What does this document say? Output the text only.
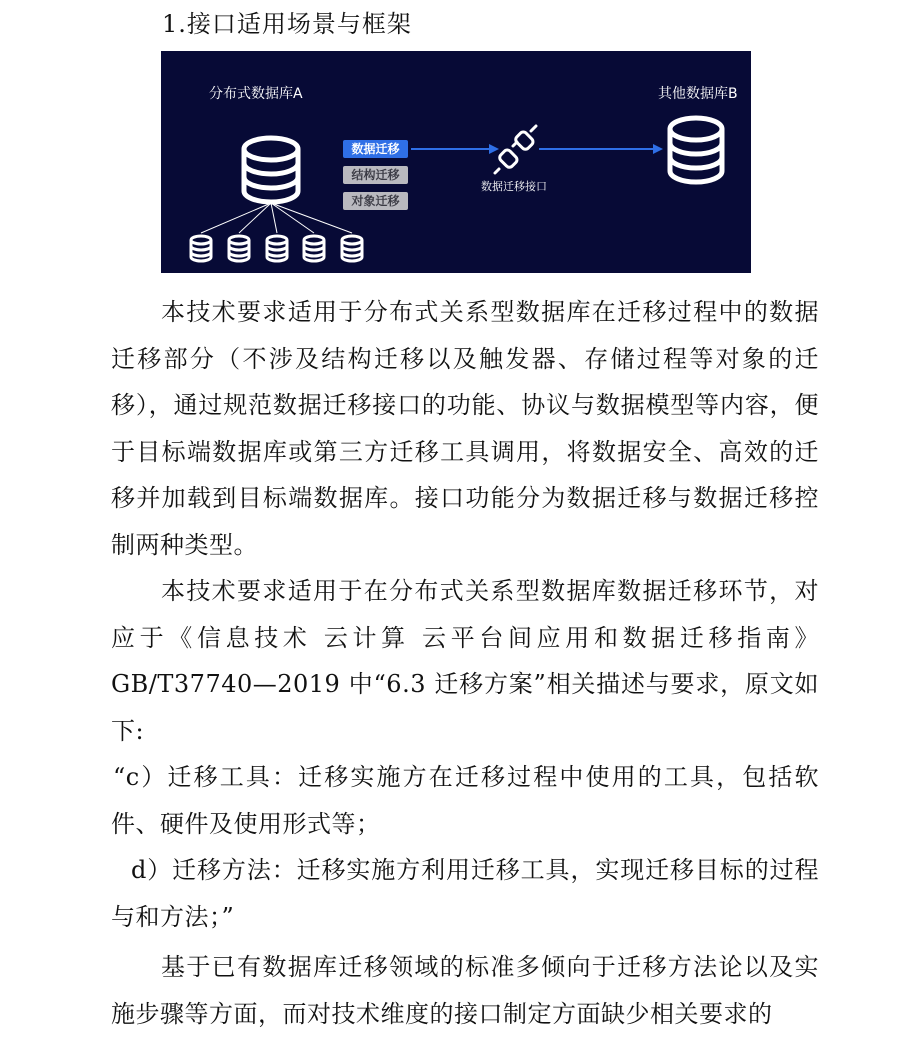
1.接口适用场景与框架
分布式数据库A	其他数据库B
数据迁移
结构迁移
对象迁移
数据迁移接口

本技术要求适用于分布式关系型数据库在迁移过程中的数据迁移部分（不涉及结构迁移以及触发器、存储过程等对象的迁移），通过规范数据迁移接口的功能、协议与数据模型等内容，便于目标端数据库或第三方迁移工具调用，将数据安全、高效的迁移并加载到目标端数据库。接口功能分为数据迁移与数据迁移控制两种类型。

本技术要求适用于在分布式关系型数据库数据迁移环节，对应于《信息技术 云计算 云平台间应用和数据迁移指南》GB/T37740—2019 中“6.3 迁移方案”相关描述与要求，原文如下:

“c）迁移工具：迁移实施方在迁移过程中使用的工具，包括软件、硬件及使用形式等；

d）迁移方法：迁移实施方利用迁移工具，实现迁移目标的过程与和方法；”

基于已有数据库迁移领域的标准多倾向于迁移方法论以及实施步骤等方面，而对技术维度的接口制定方面缺少相关要求的
